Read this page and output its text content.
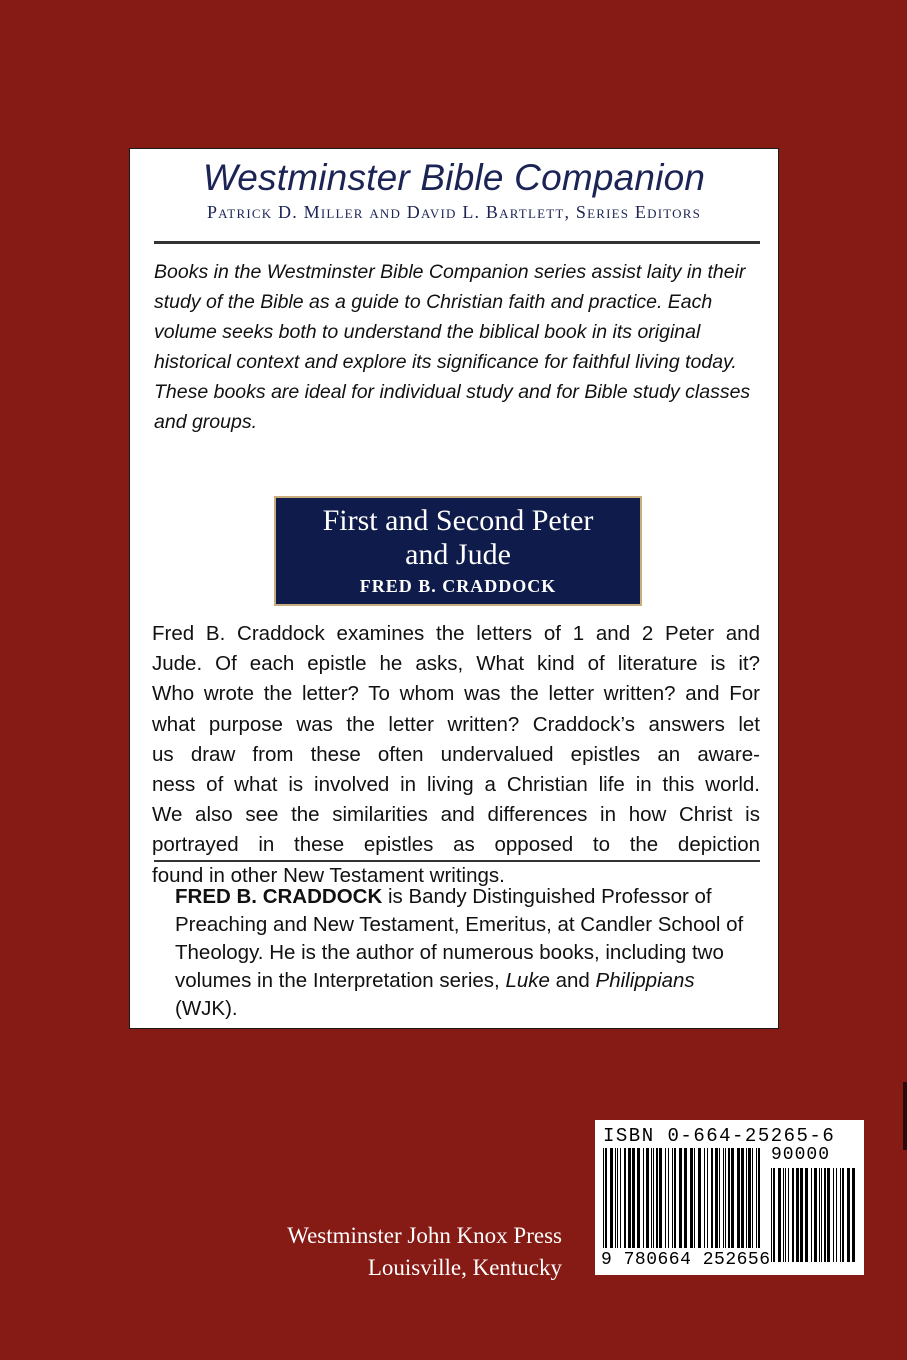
Westminster Bible Companion
Patrick D. Miller and David L. Bartlett, Series Editors
Books in the Westminster Bible Companion series assist laity in their study of the Bible as a guide to Christian faith and practice. Each volume seeks both to understand the biblical book in its original historical context and explore its significance for faithful living today. These books are ideal for individual study and for Bible study classes and groups.
First and Second Peter
and Jude
FRED B. CRADDOCK
Fred B. Craddock examines the letters of 1 and 2 Peter and
Jude. Of each epistle he asks, What kind of literature is it?
Who wrote the letter? To whom was the letter written? and For
what purpose was the letter written? Craddock’s answers let
us draw from these often undervalued epistles an aware-
ness of what is involved in living a Christian life in this world.
We also see the similarities and differences in how Christ is
portrayed in these epistles as opposed to the depiction
found in other New Testament writings.
FRED B. CRADDOCK is Bandy Distinguished Professor of Preaching and New Testament, Emeritus, at Candler School of Theology. He is the author of numerous books, including two volumes in the Interpretation series, Luke and Philippians (WJK).
Westminster John Knox Press
Louisville, Kentucky
ISBN 0-664-25265-6
90000
9 780664 252656
